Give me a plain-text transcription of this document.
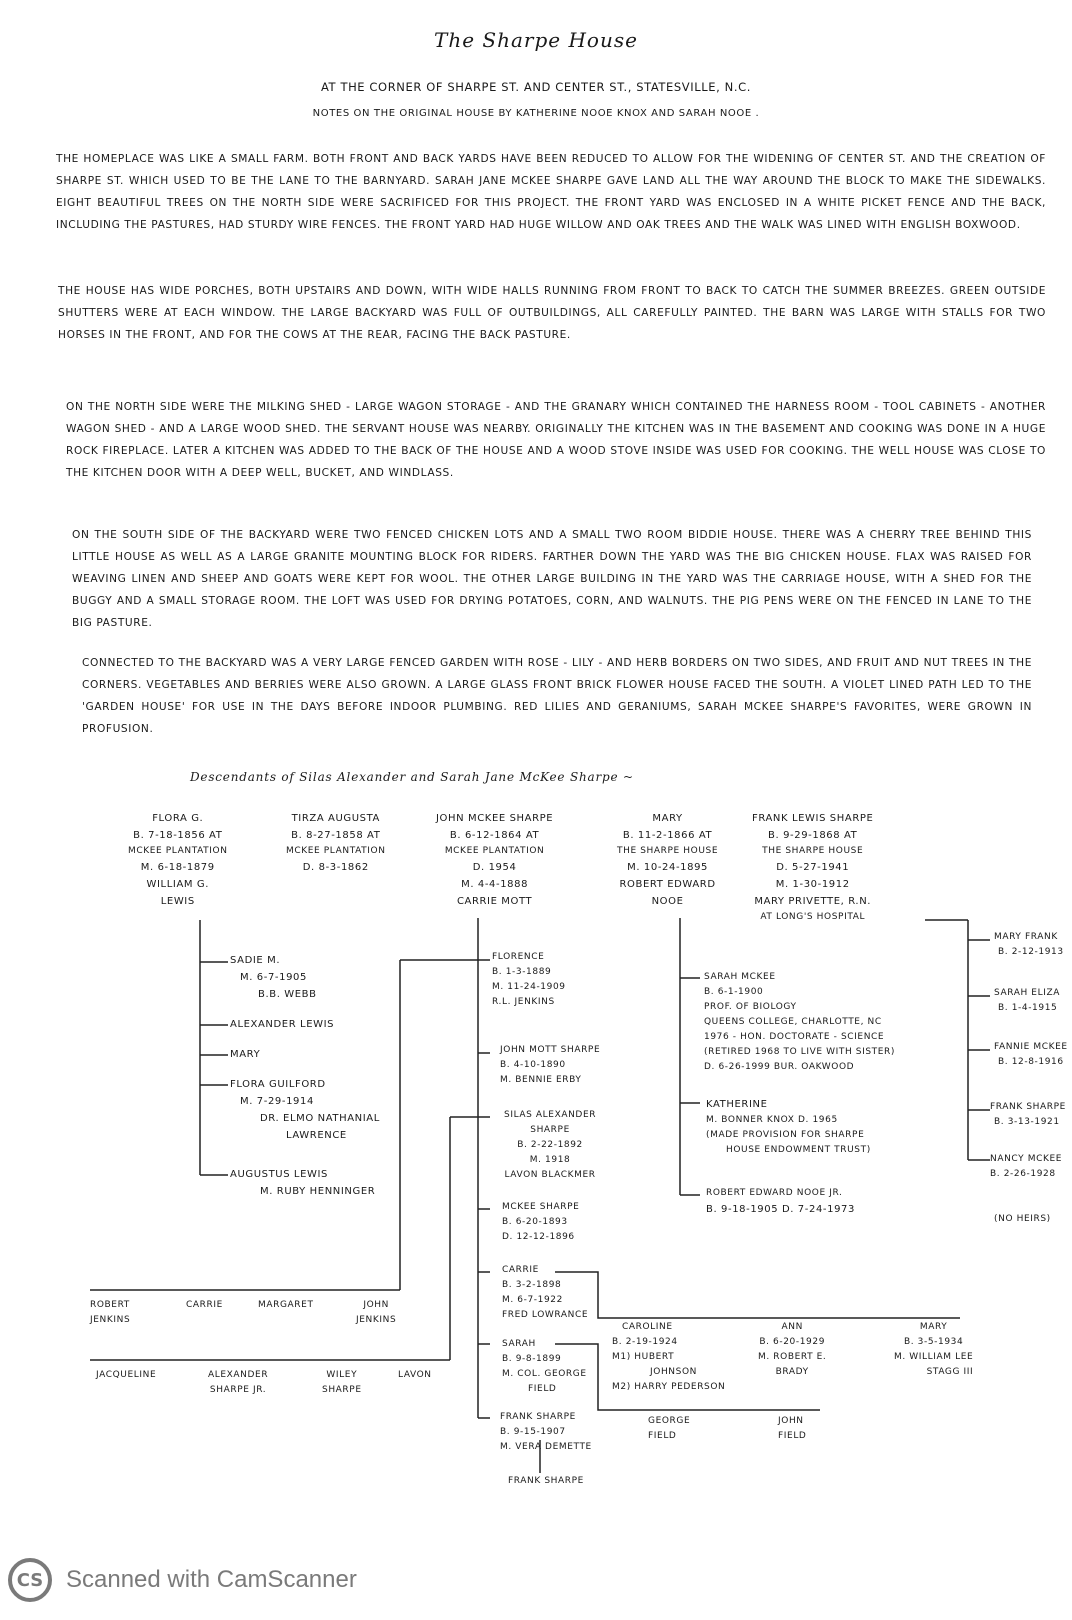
The Sharpe House
AT THE CORNER OF SHARPE ST. AND CENTER ST., STATESVILLE, N.C.
NOTES ON THE ORIGINAL HOUSE BY KATHERINE NOOE KNOX AND SARAH NOOE .

THE HOMEPLACE WAS LIKE A SMALL FARM. BOTH FRONT AND BACK YARDS HAVE BEEN REDUCED TO ALLOW FOR THE WIDENING OF CENTER ST. AND THE CREATION OF SHARPE ST. WHICH USED TO BE THE LANE TO THE BARNYARD. SARAH JANE MCKEE SHARPE GAVE LAND ALL THE WAY AROUND THE BLOCK TO MAKE THE SIDEWALKS. EIGHT BEAUTIFUL TREES ON THE NORTH SIDE WERE SACRIFICED FOR THIS PROJECT. THE FRONT YARD WAS ENCLOSED IN A WHITE PICKET FENCE AND THE BACK, INCLUDING THE PASTURES, HAD STURDY WIRE FENCES. THE FRONT YARD HAD HUGE WILLOW AND OAK TREES AND THE WALK WAS LINED WITH ENGLISH BOXWOOD.

THE HOUSE HAS WIDE PORCHES, BOTH UPSTAIRS AND DOWN, WITH WIDE HALLS RUNNING FROM FRONT TO BACK TO CATCH THE SUMMER BREEZES. GREEN OUTSIDE SHUTTERS WERE AT EACH WINDOW. THE LARGE BACKYARD WAS FULL OF OUTBUILDINGS, ALL CAREFULLY PAINTED. THE BARN WAS LARGE WITH STALLS FOR TWO HORSES IN THE FRONT, AND FOR THE COWS AT THE REAR, FACING THE BACK PASTURE.

ON THE NORTH SIDE WERE THE MILKING SHED - LARGE WAGON STORAGE - AND THE GRANARY WHICH CONTAINED THE HARNESS ROOM - TOOL CABINETS - ANOTHER WAGON SHED - AND A LARGE WOOD SHED. THE SERVANT HOUSE WAS NEARBY. ORIGINALLY THE KITCHEN WAS IN THE BASEMENT AND COOKING WAS DONE IN A HUGE ROCK FIREPLACE. LATER A KITCHEN WAS ADDED TO THE BACK OF THE HOUSE AND A WOOD STOVE INSIDE WAS USED FOR COOKING. THE WELL HOUSE WAS CLOSE TO THE KITCHEN DOOR WITH A DEEP WELL, BUCKET, AND WINDLASS.

ON THE SOUTH SIDE OF THE BACKYARD WERE TWO FENCED CHICKEN LOTS AND A SMALL TWO ROOM BIDDIE HOUSE. THERE WAS A CHERRY TREE BEHIND THIS LITTLE HOUSE AS WELL AS A LARGE GRANITE MOUNTING BLOCK FOR RIDERS. FARTHER DOWN THE YARD WAS THE BIG CHICKEN HOUSE. FLAX WAS RAISED FOR WEAVING LINEN AND SHEEP AND GOATS WERE KEPT FOR WOOL. THE OTHER LARGE BUILDING IN THE YARD WAS THE CARRIAGE HOUSE, WITH A SHED FOR THE BUGGY AND A SMALL STORAGE ROOM. THE LOFT WAS USED FOR DRYING POTATOES, CORN, AND WALNUTS. THE PIG PENS WERE ON THE FENCED IN LANE TO THE BIG PASTURE.

CONNECTED TO THE BACKYARD WAS A VERY LARGE FENCED GARDEN WITH ROSE - LILY - AND HERB BORDERS ON TWO SIDES, AND FRUIT AND NUT TREES IN THE CORNERS. VEGETABLES AND BERRIES WERE ALSO GROWN. A LARGE GLASS FRONT BRICK FLOWER HOUSE FACED THE SOUTH. A VIOLET LINED PATH LED TO THE 'GARDEN HOUSE' FOR USE IN THE DAYS BEFORE INDOOR PLUMBING. RED LILIES AND GERANIUMS, SARAH MCKEE SHARPE'S FAVORITES, WERE GROWN IN PROFUSION.

Descendants of Silas Alexander and Sarah Jane McKee Sharpe ~
FLORA G.
B. 7-18-1856 AT
MCKEE PLANTATION
M. 6-18-1879
WILLIAM G.
LEWIS
TIRZA AUGUSTA
B. 8-27-1858 AT
MCKEE PLANTATION
D. 8-3-1862
JOHN MCKEE SHARPE
B. 6-12-1864 AT
MCKEE PLANTATION
D. 1954
M. 4-4-1888
CARRIE MOTT
MARY
B. 11-2-1866 AT
THE SHARPE HOUSE
M. 10-24-1895
ROBERT EDWARD
NOOE
FRANK LEWIS SHARPE
B. 9-29-1868 AT
THE SHARPE HOUSE
D. 5-27-1941
M. 1-30-1912
MARY PRIVETTE, R.N.
AT LONG'S HOSPITAL
SADIE M.
M. 6-7-1905
B.B. WEBB
ALEXANDER LEWIS
MARY
FLORA GUILFORD
M. 7-29-1914
DR. ELMO NATHANIAL
LAWRENCE
AUGUSTUS LEWIS
M. RUBY HENNINGER
FLORENCE
B. 1-3-1889
M. 11-24-1909
R.L. JENKINS
JOHN MOTT SHARPE
B. 4-10-1890
M. BENNIE ERBY
SILAS ALEXANDER
SHARPE
B. 2-22-1892
M. 1918
LAVON BLACKMER
MCKEE SHARPE
B. 6-20-1893
D. 12-12-1896
CARRIE
B. 3-2-1898
M. 6-7-1922
FRED LOWRANCE
SARAH
B. 9-8-1899
M. COL. GEORGE
FIELD
FRANK SHARPE
B. 9-15-1907
M. VERA DEMETTE
FRANK SHARPE
SARAH MCKEE
B. 6-1-1900
PROF. OF BIOLOGY
QUEENS COLLEGE, CHARLOTTE, NC
1976 - HON. DOCTORATE - SCIENCE
(RETIRED 1968 TO LIVE WITH SISTER)
D. 6-26-1999 BUR. OAKWOOD
KATHERINE
M. BONNER KNOX D. 1965
(MADE PROVISION FOR SHARPE
HOUSE ENDOWMENT TRUST)
ROBERT EDWARD NOOE JR.
B. 9-18-1905 D. 7-24-1973
MARY FRANK
B. 2-12-1913
SARAH ELIZA
B. 1-4-1915
FANNIE MCKEE
B. 12-8-1916
FRANK SHARPE
B. 3-13-1921
NANCY MCKEE
B. 2-26-1928
(NO HEIRS)
ROBERT
JENKINS
CARRIE	MARGARET	JOHN
JENKINS
JACQUELINE	ALEXANDER
SHARPE JR.
WILEY
SHARPE
LAVON
CAROLINE
B. 2-19-1924
M1) HUBERT
JOHNSON
M2) HARRY PEDERSON
ANN
B. 6-20-1929
M. ROBERT E.
BRADY
MARY
B. 3-5-1934
M. WILLIAM LEE
STAGG III
GEORGE
FIELD
JOHN
FIELD
CS Scanned with CamScanner
